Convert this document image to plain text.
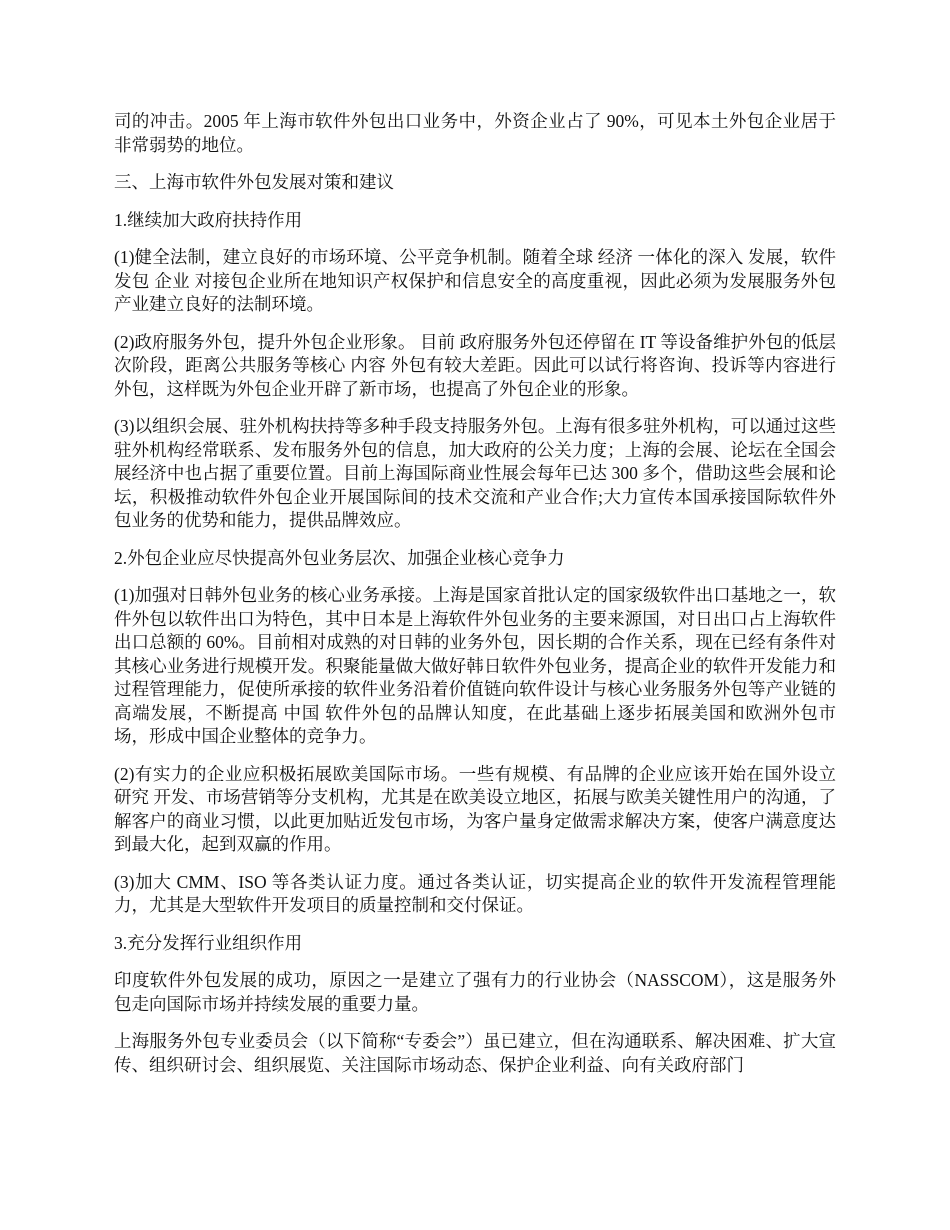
司的冲击。2005 年上海市软件外包出口业务中，外资企业占了 90%，可见本土外包企业居于非常弱势的地位。

三、上海市软件外包发展对策和建议

1.继续加大政府扶持作用

(1)健全法制，建立良好的市场环境、公平竞争机制。随着全球 经济 一体化的深入 发展，软件发包 企业 对接包企业所在地知识产权保护和信息安全的高度重视，因此必须为发展服务外包产业建立良好的法制环境。

(2)政府服务外包，提升外包企业形象。 目前 政府服务外包还停留在 IT 等设备维护外包的低层次阶段，距离公共服务等核心 内容 外包有较大差距。因此可以试行将咨询、投诉等内容进行外包，这样既为外包企业开辟了新市场，也提高了外包企业的形象。

(3)以组织会展、驻外机构扶持等多种手段支持服务外包。上海有很多驻外机构，可以通过这些驻外机构经常联系、发布服务外包的信息，加大政府的公关力度；上海的会展、论坛在全国会展经济中也占据了重要位置。目前上海国际商业性展会每年已达 300 多个，借助这些会展和论坛，积极推动软件外包企业开展国际间的技术交流和产业合作;大力宣传本国承接国际软件外包业务的优势和能力，提供品牌效应。

2.外包企业应尽快提高外包业务层次、加强企业核心竞争力

(1)加强对日韩外包业务的核心业务承接。上海是国家首批认定的国家级软件出口基地之一，软件外包以软件出口为特色，其中日本是上海软件外包业务的主要来源国，对日出口占上海软件出口总额的 60%。目前相对成熟的对日韩的业务外包，因长期的合作关系，现在已经有条件对其核心业务进行规模开发。积聚能量做大做好韩日软件外包业务，提高企业的软件开发能力和过程管理能力，促使所承接的软件业务沿着价值链向软件设计与核心业务服务外包等产业链的高端发展，不断提高 中国 软件外包的品牌认知度，在此基础上逐步拓展美国和欧洲外包市场，形成中国企业整体的竞争力。

(2)有实力的企业应积极拓展欧美国际市场。一些有规模、有品牌的企业应该开始在国外设立 研究 开发、市场营销等分支机构，尤其是在欧美设立地区，拓展与欧美关键性用户的沟通，了解客户的商业习惯，以此更加贴近发包市场，为客户量身定做需求解决方案，使客户满意度达到最大化，起到双赢的作用。

(3)加大 CMM、ISO 等各类认证力度。通过各类认证，切实提高企业的软件开发流程管理能力，尤其是大型软件开发项目的质量控制和交付保证。

3.充分发挥行业组织作用

印度软件外包发展的成功，原因之一是建立了强有力的行业协会（NASSCOM），这是服务外包走向国际市场并持续发展的重要力量。

上海服务外包专业委员会（以下简称“专委会”）虽已建立，但在沟通联系、解决困难、扩大宣传、组织研讨会、组织展览、关注国际市场动态、保护企业利益、向有关政府部门
